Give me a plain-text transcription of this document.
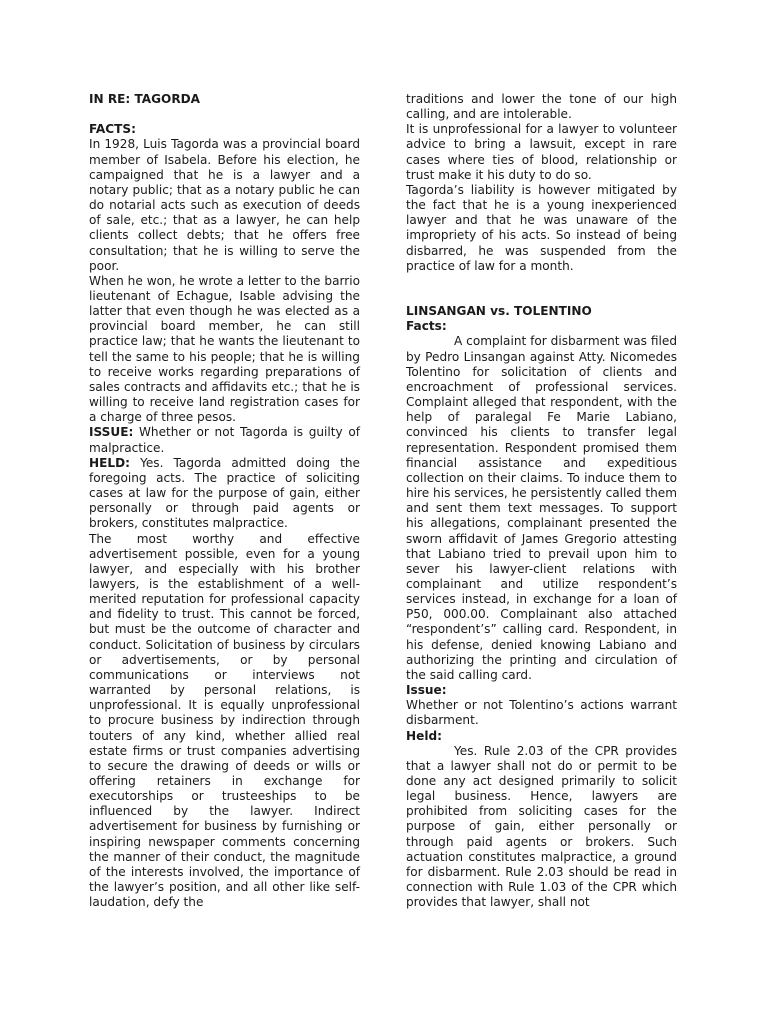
IN RE: TAGORDA
FACTS:

In 1928, Luis Tagorda was a provincial board member of Isabela. Before his election, he campaigned that he is a lawyer and a notary public; that as a notary public he can do notarial acts such as execution of deeds of sale, etc.; that as a lawyer, he can help clients collect debts; that he offers free consultation; that he is willing to serve the poor.

When he won, he wrote a letter to the barrio lieutenant of Echague, Isable advising the latter that even though he was elected as a provincial board member, he can still practice law; that he wants the lieutenant to tell the same to his people; that he is willing to receive works regarding preparations of sales contracts and affidavits etc.; that he is willing to receive land registration cases for a charge of three pesos.

ISSUE: Whether or not Tagorda is guilty of malpractice.

HELD: Yes. Tagorda admitted doing the foregoing acts. The practice of soliciting cases at law for the purpose of gain, either personally or through paid agents or brokers, constitutes malpractice.

The most worthy and effective advertisement possible, even for a young lawyer, and especially with his brother lawyers, is the establishment of a well-merited reputation for professional capacity and fidelity to trust. This cannot be forced, but must be the outcome of character and conduct. Solicitation of business by circulars or advertisements, or by personal communications or interviews not warranted by personal relations, is unprofessional. It is equally unprofessional to procure business by indirection through touters of any kind, whether allied real estate firms or trust companies advertising to secure the drawing of deeds or wills or offering retainers in exchange for executorships or trusteeships to be influenced by the lawyer. Indirect advertisement for business by furnishing or inspiring newspaper comments concerning the manner of their conduct, the magnitude of the interests involved, the importance of the lawyer’s position, and all other like self-laudation, defy the

traditions and lower the tone of our high calling, and are intolerable.

It is unprofessional for a lawyer to volunteer advice to bring a lawsuit, except in rare cases where ties of blood, relationship or trust make it his duty to do so.

Tagorda’s liability is however mitigated by the fact that he is a young inexperienced lawyer and that he was unaware of the impropriety of his acts. So instead of being disbarred, he was suspended from the practice of law for a month.

LINSANGAN vs. TOLENTINO
Facts:

A complaint for disbarment was filed by Pedro Linsangan against Atty. Nicomedes Tolentino for solicitation of clients and encroachment of professional services. Complaint alleged that respondent, with the help of paralegal Fe Marie Labiano, convinced his clients to transfer legal representation. Respondent promised them financial assistance and expeditious collection on their claims. To induce them to hire his services, he persistently called them and sent them text messages. To support his allegations, complainant presented the sworn affidavit of James Gregorio attesting that Labiano tried to prevail upon him to sever his lawyer-client relations with complainant and utilize respondent’s services instead, in exchange for a loan of P50, 000.00. Complainant also attached “respondent’s” calling card. Respondent, in his defense, denied knowing Labiano and authorizing the printing and circulation of the said calling card.

Issue:

Whether or not Tolentino’s actions warrant disbarment.

Held:

Yes. Rule 2.03 of the CPR provides that a lawyer shall not do or permit to be done any act designed primarily to solicit legal business. Hence, lawyers are prohibited from soliciting cases for the purpose of gain, either personally or through paid agents or brokers. Such actuation constitutes malpractice, a ground for disbarment. Rule 2.03 should be read in connection with Rule 1.03 of the CPR which provides that lawyer, shall not
